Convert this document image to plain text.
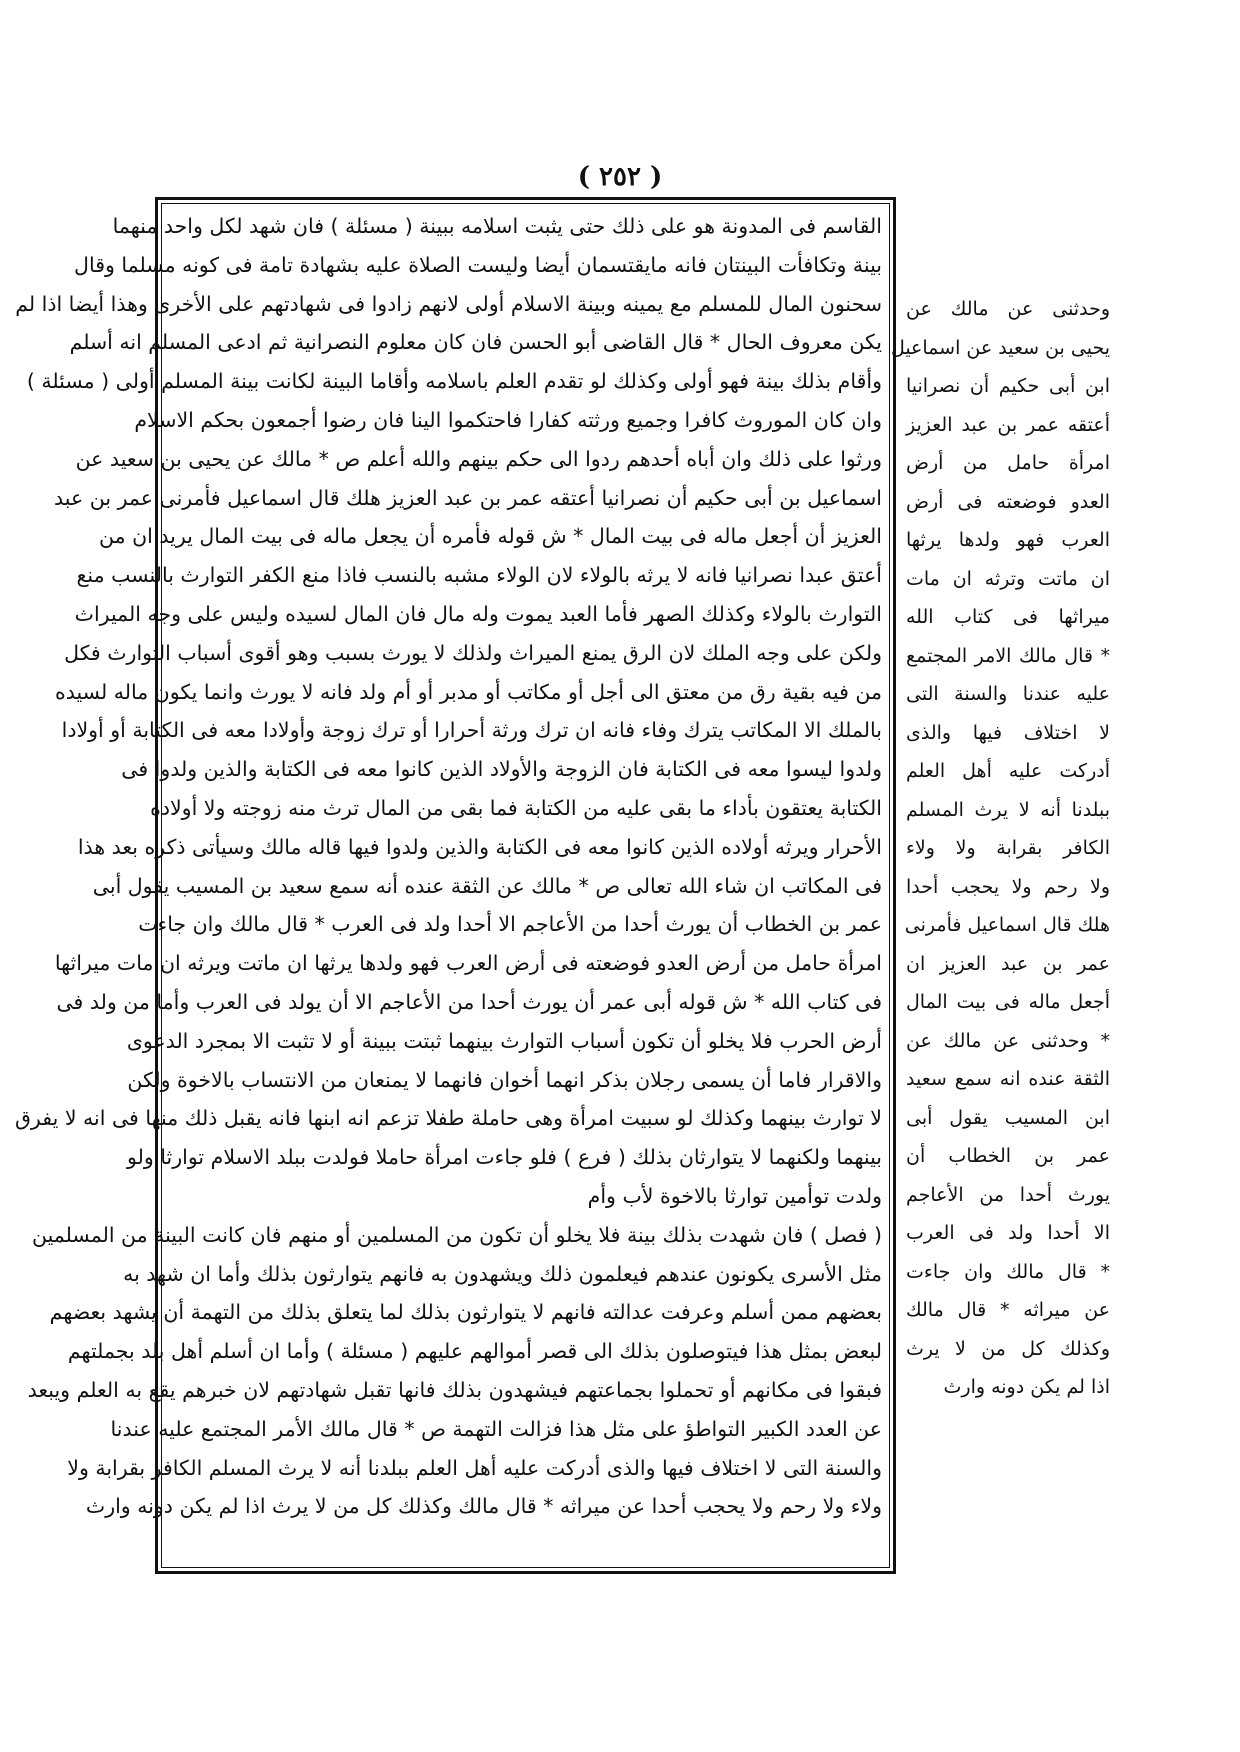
( ٢٥٢ )
القاسم فى المدونة هو على ذلك حتى يثبت اسلامه ببينة ( مسئلة ) فان شهد لكل واحد منهما
بينة وتكافأت البينتان فانه مايقتسمان أيضا وليست الصلاة عليه بشهادة تامة فى كونه مسلما وقال
سحنون المال للمسلم مع يمينه وبينة الاسلام أولى لانهم زادوا فى شهادتهم على الأخرى وهذا أيضا اذا لم
يكن معروف الحال * قال القاضى أبو الحسن فان كان معلوم النصرانية ثم ادعى المسلم انه أسلم
وأقام بذلك بينة فهو أولى وكذلك لو تقدم العلم باسلامه وأقاما البينة لكانت بينة المسلم أولى ( مسئلة )
وان كان الموروث كافرا وجميع ورثته كفارا فاحتكموا الينا فان رضوا أجمعون بحكم الاسلام
ورثوا على ذلك وان أباه أحدهم ردوا الى حكم بينهم والله أعلم ص * مالك عن يحيى بن سعيد عن
اسماعيل بن أبى حكيم أن نصرانيا أعتقه عمر بن عبد العزيز هلك قال اسماعيل فأمرنى عمر بن عبد
العزيز أن أجعل ماله فى بيت المال * ش قوله فأمره أن يجعل ماله فى بيت المال يريد ان من
أعتق عبدا نصرانيا فانه لا يرثه بالولاء لان الولاء مشبه بالنسب فاذا منع الكفر التوارث بالنسب منع
التوارث بالولاء وكذلك الصهر فأما العبد يموت وله مال فان المال لسيده وليس على وجه الميراث
ولكن على وجه الملك لان الرق يمنع الميراث ولذلك لا يورث بسبب وهو أقوى أسباب التوارث فكل
من فيه بقية رق من معتق الى أجل أو مكاتب أو مدبر أو أم ولد فانه لا يورث وانما يكون ماله لسيده
بالملك الا المكاتب يترك وفاء فانه ان ترك ورثة أحرارا أو ترك زوجة وأولادا معه فى الكتابة أو أولادا
ولدوا ليسوا معه فى الكتابة فان الزوجة والأولاد الذين كانوا معه فى الكتابة والذين ولدوا فى
الكتابة يعتقون بأداء ما بقى عليه من الكتابة فما بقى من المال ترث منه زوجته ولا أولاده
الأحرار ويرثه أولاده الذين كانوا معه فى الكتابة والذين ولدوا فيها قاله مالك وسيأتى ذكره بعد هذا
فى المكاتب ان شاء الله تعالى ص * مالك عن الثقة عنده أنه سمع سعيد بن المسيب يقول أبى
عمر بن الخطاب أن يورث أحدا من الأعاجم الا أحدا ولد فى العرب * قال مالك وان جاءت
امرأة حامل من أرض العدو فوضعته فى أرض العرب فهو ولدها يرثها ان ماتت ويرثه ان مات ميراثها
فى كتاب الله * ش قوله أبى عمر أن يورث أحدا من الأعاجم الا أن يولد فى العرب وأما من ولد فى
أرض الحرب فلا يخلو أن تكون أسباب التوارث بينهما ثبتت ببينة أو لا تثبت الا بمجرد الدعوى
والاقرار فاما أن يسمى رجلان بذكر انهما أخوان فانهما لا يمنعان من الانتساب بالاخوة ولكن
لا توارث بينهما وكذلك لو سبيت امرأة وهى حاملة طفلا تزعم انه ابنها فانه يقبل ذلك منها فى انه لا يفرق
بينهما ولكنهما لا يتوارثان بذلك ( فرع ) فلو جاءت امرأة حاملا فولدت ببلد الاسلام توارثا ولو
ولدت توأمين توارثا بالاخوة لأب وأم
( فصل ) فان شهدت بذلك بينة فلا يخلو أن تكون من المسلمين أو منهم فان كانت البينة من المسلمين
مثل الأسرى يكونون عندهم فيعلمون ذلك ويشهدون به فانهم يتوارثون بذلك وأما ان شهد به
بعضهم ممن أسلم وعرفت عدالته فانهم لا يتوارثون بذلك لما يتعلق بذلك من التهمة أن يشهد بعضهم
لبعض بمثل هذا فيتوصلون بذلك الى قصر أموالهم عليهم ( مسئلة ) وأما ان أسلم أهل بلد بجملتهم
فبقوا فى مكانهم أو تحملوا بجماعتهم فيشهدون بذلك فانها تقبل شهادتهم لان خبرهم يقع به العلم ويبعد
عن العدد الكبير التواطؤ على مثل هذا فزالت التهمة ص * قال مالك الأمر المجتمع عليه عندنا
والسنة التى لا اختلاف فيها والذى أدركت عليه أهل العلم ببلدنا أنه لا يرث المسلم الكافر بقرابة ولا
ولاء ولا رحم ولا يحجب أحدا عن ميراثه * قال مالك وكذلك كل من لا يرث اذا لم يكن دونه وارث
وحدثنى عن مالك عن
يحيى بن سعيد عن اسماعيل
ابن أبى حكيم أن نصرانيا
أعتقه عمر بن عبد العزيز
امرأة حامل من أرض
العدو فوضعته فى أرض
العرب فهو ولدها يرثها
ان ماتت وترثه ان مات
ميراثها فى كتاب الله
* قال مالك الامر المجتمع
عليه عندنا والسنة التى
لا اختلاف فيها والذى
أدركت عليه أهل العلم
ببلدنا أنه لا يرث المسلم
الكافر بقرابة ولا ولاء
ولا رحم ولا يحجب أحدا
هلك قال اسماعيل فأمرنى
عمر بن عبد العزيز ان
أجعل ماله فى بيت المال
* وحدثنى عن مالك عن
الثقة عنده انه سمع سعيد
ابن المسيب يقول أبى
عمر بن الخطاب أن
يورث أحدا من الأعاجم
الا أحدا ولد فى العرب
* قال مالك وان جاءت
عن ميراثه * قال مالك
وكذلك كل من لا يرث
اذا لم يكن دونه وارث
